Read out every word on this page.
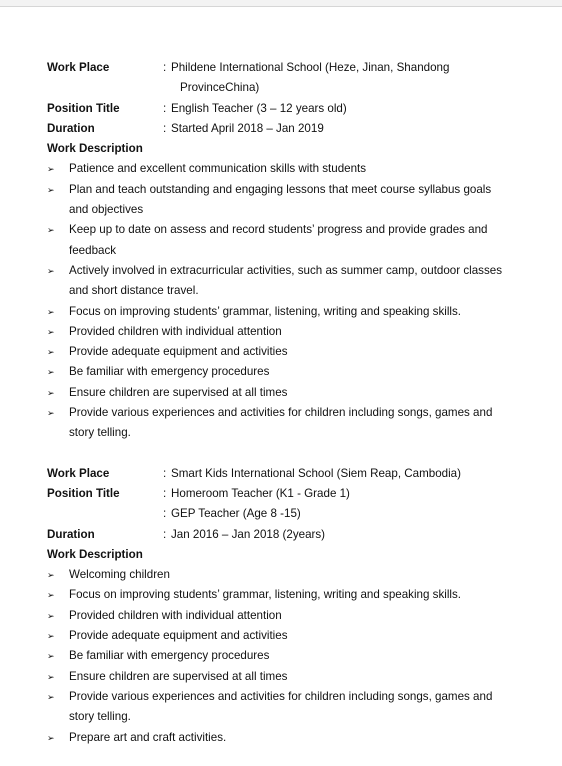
Work Place	: Phildene International School (Heze, Jinan, Shandong
ProvinceChina)
Position Title	: English Teacher (3 – 12 years old)
Duration	: Started April 2018 – Jan 2019
Work Description
➢	Patience and excellent communication skills with students
➢	Plan and teach outstanding and engaging lessons that meet course syllabus goals
and objectives
➢	Keep up to date on assess and record students’ progress and provide grades and
feedback
➢	Actively involved in extracurricular activities, such as summer camp, outdoor classes
and short distance travel.
➢	Focus on improving students’ grammar, listening, writing and speaking skills.
➢	Provided children with individual attention
➢	Provide adequate equipment and activities
➢	Be familiar with emergency procedures
➢	Ensure children are supervised at all times
➢	Provide various experiences and activities for children including songs, games and
story telling.
Work Place	: Smart Kids International School (Siem Reap, Cambodia)
Position Title	: Homeroom Teacher (K1 - Grade 1)
: GEP Teacher (Age 8 -15)
Duration	: Jan 2016 – Jan 2018 (2years)
Work Description
➢	Welcoming children
➢	Focus on improving students’ grammar, listening, writing and speaking skills.
➢	Provided children with individual attention
➢	Provide adequate equipment and activities
➢	Be familiar with emergency procedures
➢	Ensure children are supervised at all times
➢	Provide various experiences and activities for children including songs, games and
story telling.
➢	Prepare art and craft activities.
